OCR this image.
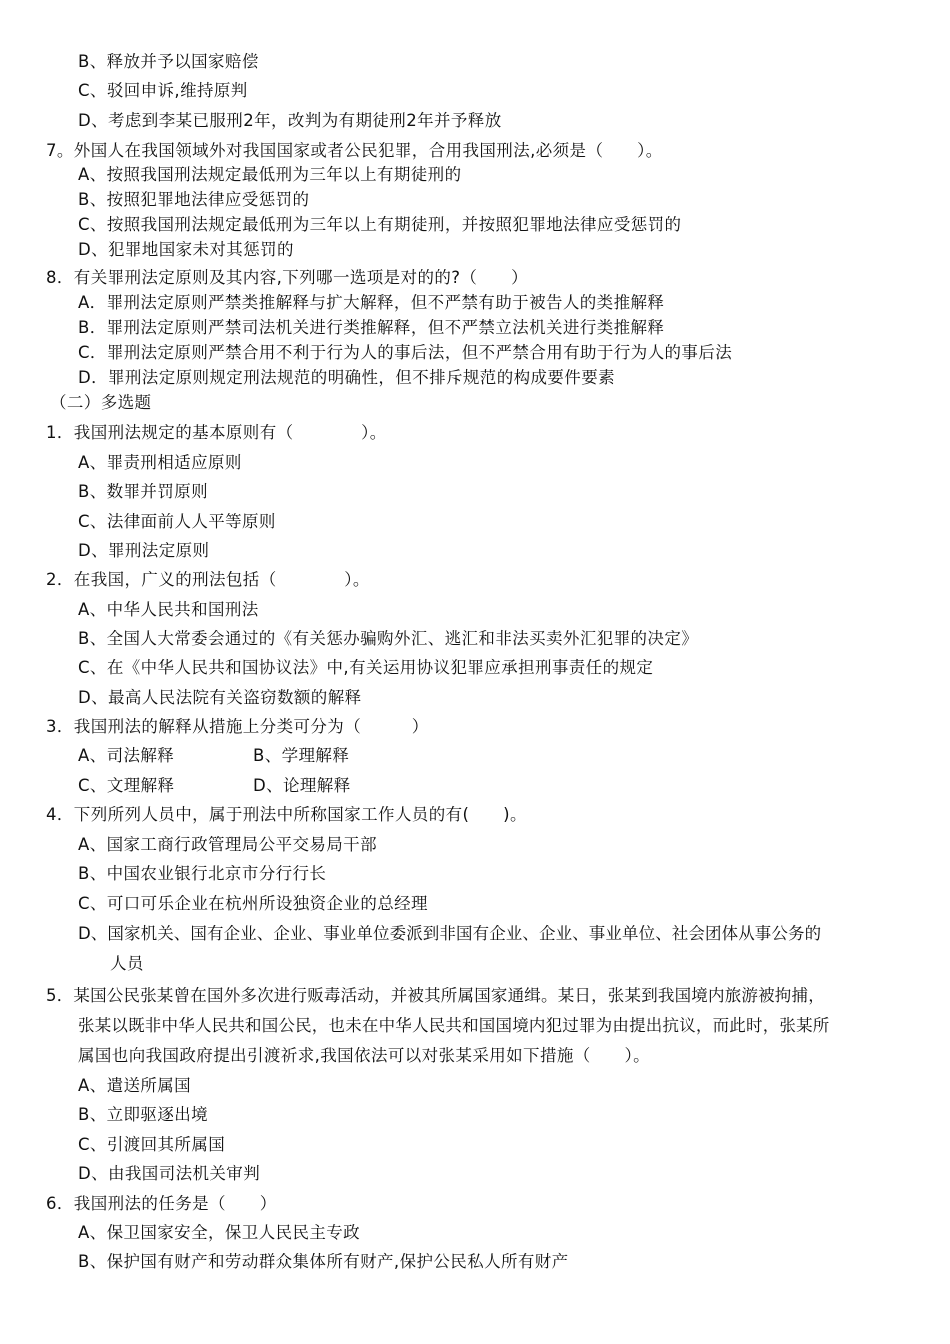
B、释放并予以国家赔偿
C、驳回申诉,维持原判
D、考虑到李某已服刑2年，改判为有期徒刑2年并予释放
7。外国人在我国领域外对我国国家或者公民犯罪，合用我国刑法,必须是（　　）。
A、按照我国刑法规定最低刑为三年以上有期徒刑的
B、按照犯罪地法律应受惩罚的
C、按照我国刑法规定最低刑为三年以上有期徒刑，并按照犯罪地法律应受惩罚的
D、犯罪地国家未对其惩罚的
8．有关罪刑法定原则及其内容,下列哪一选项是对的的?（　　）
A．罪刑法定原则严禁类推解释与扩大解释，但不严禁有助于被告人的类推解释
B．罪刑法定原则严禁司法机关进行类推解释，但不严禁立法机关进行类推解释
C．罪刑法定原则严禁合用不利于行为人的事后法，但不严禁合用有助于行为人的事后法
D．罪刑法定原则规定刑法规范的明确性，但不排斥规范的构成要件要素
（二）多选题
1．我国刑法规定的基本原则有（　　　　）。
A、罪责刑相适应原则
B、数罪并罚原则
C、法律面前人人平等原则
D、罪刑法定原则
2．在我国，广义的刑法包括（　　　　）。
A、中华人民共和国刑法
B、全国人大常委会通过的《有关惩办骗购外汇、逃汇和非法买卖外汇犯罪的决定》
C、在《中华人民共和国协议法》中,有关运用协议犯罪应承担刑事责任的规定
D、最高人民法院有关盗窃数额的解释
3．我国刑法的解释从措施上分类可分为（　　　）
A、司法解释	B、学理解释
C、文理解释	D、论理解释
4．下列所列人员中，属于刑法中所称国家工作人员的有(　　)。
A、国家工商行政管理局公平交易局干部
B、中国农业银行北京市分行行长
C、可口可乐企业在杭州所设独资企业的总经理
D、国家机关、国有企业、企业、事业单位委派到非国有企业、企业、事业单位、社会团体从事公务的
人员
5．某国公民张某曾在国外多次进行贩毒活动，并被其所属国家通缉。某日，张某到我国境内旅游被拘捕，
张某以既非中华人民共和国公民，也未在中华人民共和国国境内犯过罪为由提出抗议，而此时，张某所
属国也向我国政府提出引渡祈求,我国依法可以对张某采用如下措施（　　）。
A、遣送所属国
B、立即驱逐出境
C、引渡回其所属国
D、由我国司法机关审判
6．我国刑法的任务是（　　）
A、保卫国家安全，保卫人民民主专政
B、保护国有财产和劳动群众集体所有财产,保护公民私人所有财产
